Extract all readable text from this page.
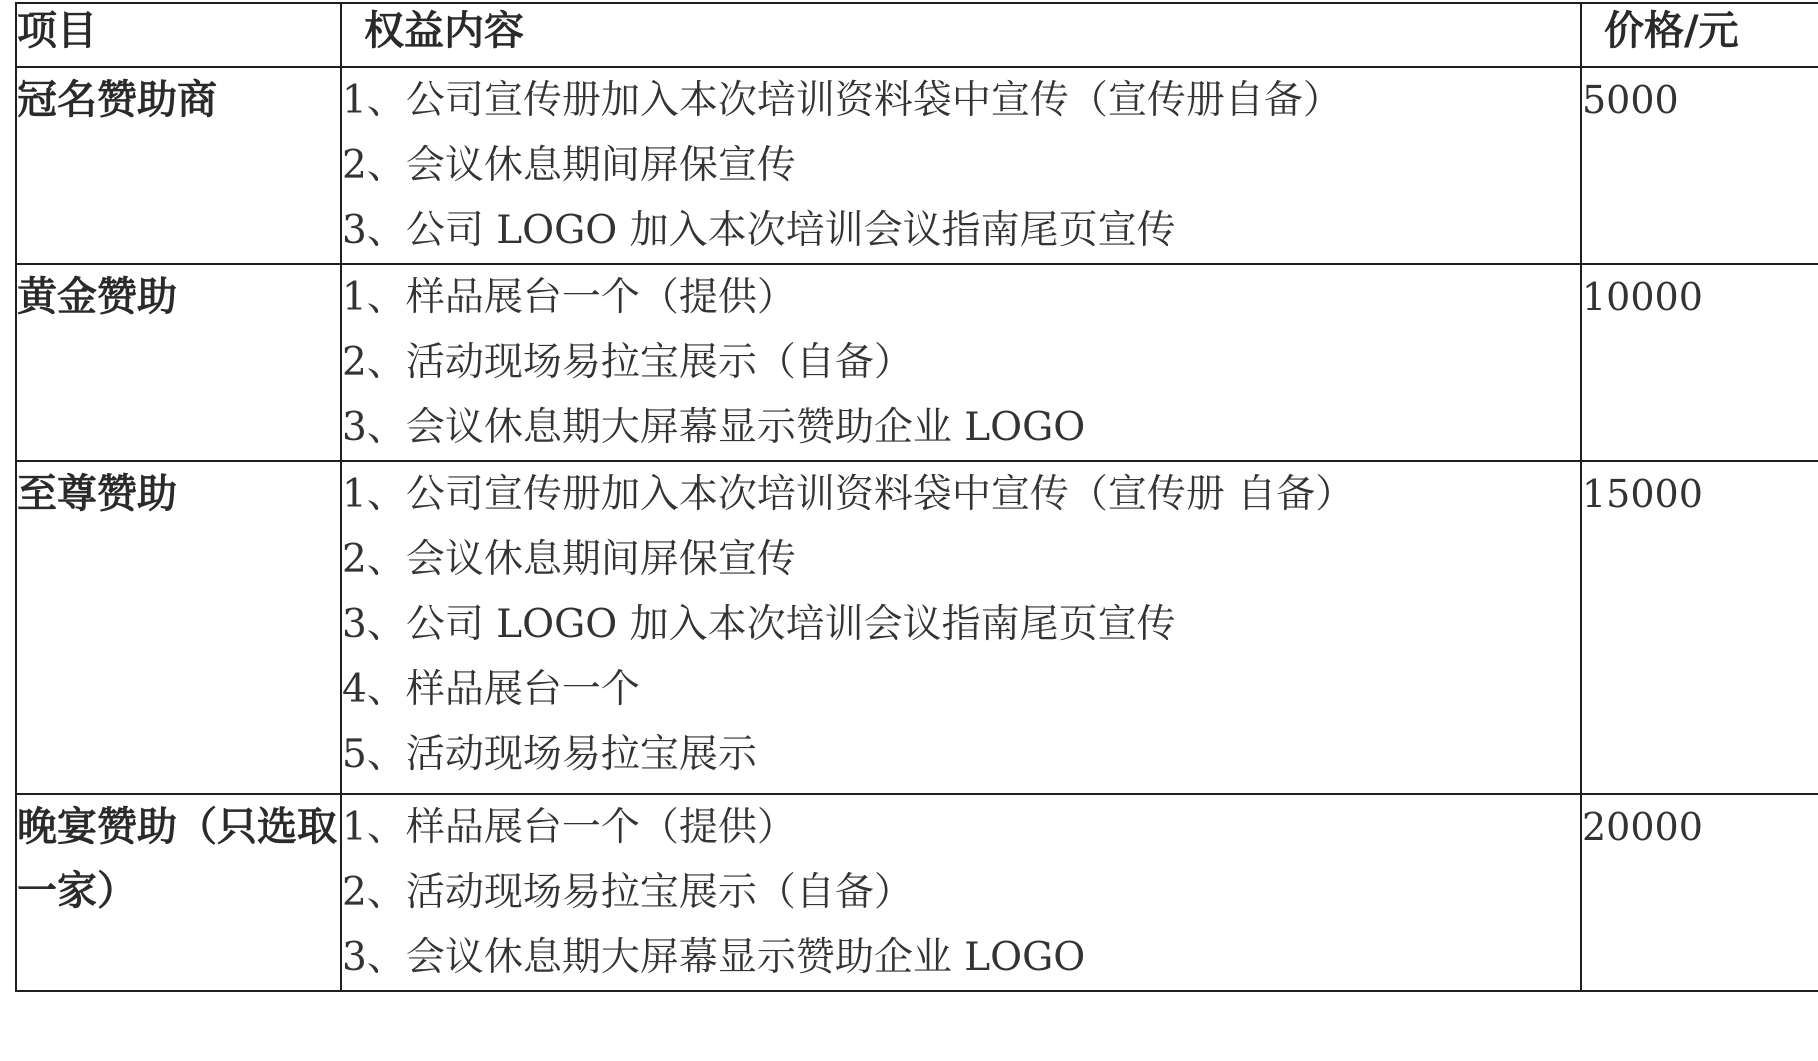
项目	权益内容	价格/元
冠名赞助商	1、公司宣传册加入本次培训资料袋中宣传（宣传册自备）
2、会议休息期间屏保宣传
3、公司 LOGO 加入本次培训会议指南尾页宣传	5000
黄金赞助	1、样品展台一个（提供）
2、活动现场易拉宝展示（自备）
3、会议休息期大屏幕显示赞助企业 LOGO	10000
至尊赞助	1、公司宣传册加入本次培训资料袋中宣传（宣传册 自备）
2、会议休息期间屏保宣传
3、公司 LOGO 加入本次培训会议指南尾页宣传
4、样品展台一个
5、活动现场易拉宝展示	15000
晚宴赞助（只选取一家）	1、样品展台一个（提供）
2、活动现场易拉宝展示（自备）
3、会议休息期大屏幕显示赞助企业 LOGO	20000
